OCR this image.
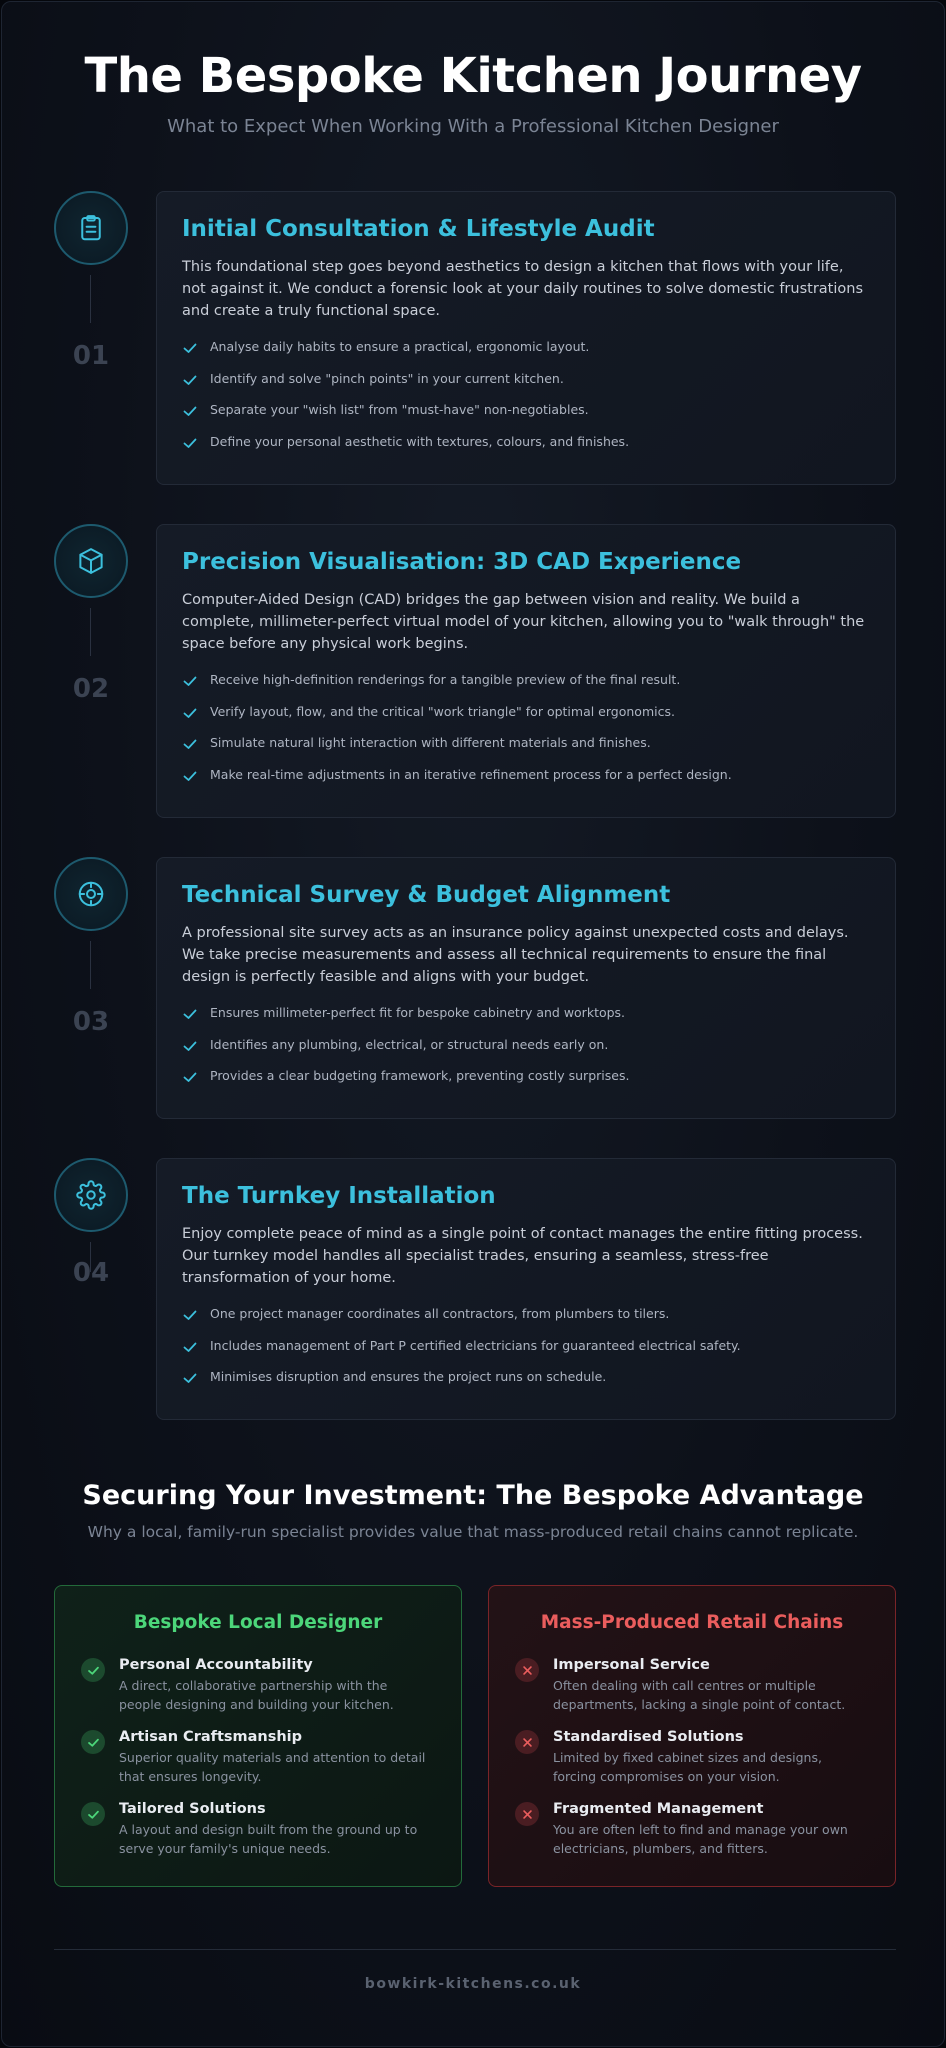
The Bespoke Kitchen Journey
What to Expect When Working With a Professional Kitchen Designer
01
Initial Consultation & Lifestyle Audit
This foundational step goes beyond aesthetics to design a kitchen that flows with your life, not against it. We conduct a forensic look at your daily routines to solve domestic frustrations and create a truly functional space.
Analyse daily habits to ensure a practical, ergonomic layout.
Identify and solve "pinch points" in your current kitchen.
Separate your "wish list" from "must-have" non-negotiables.
Define your personal aesthetic with textures, colours, and finishes.
02
Precision Visualisation: 3D CAD Experience
Computer-Aided Design (CAD) bridges the gap between vision and reality. We build a complete, millimeter-perfect virtual model of your kitchen, allowing you to "walk through" the space before any physical work begins.
Receive high-definition renderings for a tangible preview of the final result.
Verify layout, flow, and the critical "work triangle" for optimal ergonomics.
Simulate natural light interaction with different materials and finishes.
Make real-time adjustments in an iterative refinement process for a perfect design.
03
Technical Survey & Budget Alignment
A professional site survey acts as an insurance policy against unexpected costs and delays. We take precise measurements and assess all technical requirements to ensure the final design is perfectly feasible and aligns with your budget.
Ensures millimeter-perfect fit for bespoke cabinetry and worktops.
Identifies any plumbing, electrical, or structural needs early on.
Provides a clear budgeting framework, preventing costly surprises.
04
The Turnkey Installation
Enjoy complete peace of mind as a single point of contact manages the entire fitting process. Our turnkey model handles all specialist trades, ensuring a seamless, stress-free transformation of your home.
One project manager coordinates all contractors, from plumbers to tilers.
Includes management of Part P certified electricians for guaranteed electrical safety.
Minimises disruption and ensures the project runs on schedule.
Securing Your Investment: The Bespoke Advantage
Why a local, family-run specialist provides value that mass-produced retail chains cannot replicate.
Bespoke Local Designer
Personal Accountability
A direct, collaborative partnership with the
people designing and building your kitchen.
Artisan Craftsmanship
Superior quality materials and attention to detail
that ensures longevity.
Tailored Solutions
A layout and design built from the ground up to
serve your family's unique needs.
Mass-Produced Retail Chains
Impersonal Service
Often dealing with call centres or multiple
departments, lacking a single point of contact.
Standardised Solutions
Limited by fixed cabinet sizes and designs,
forcing compromises on your vision.
Fragmented Management
You are often left to find and manage your own
electricians, plumbers, and fitters.
bowkirk-kitchens.co.uk
